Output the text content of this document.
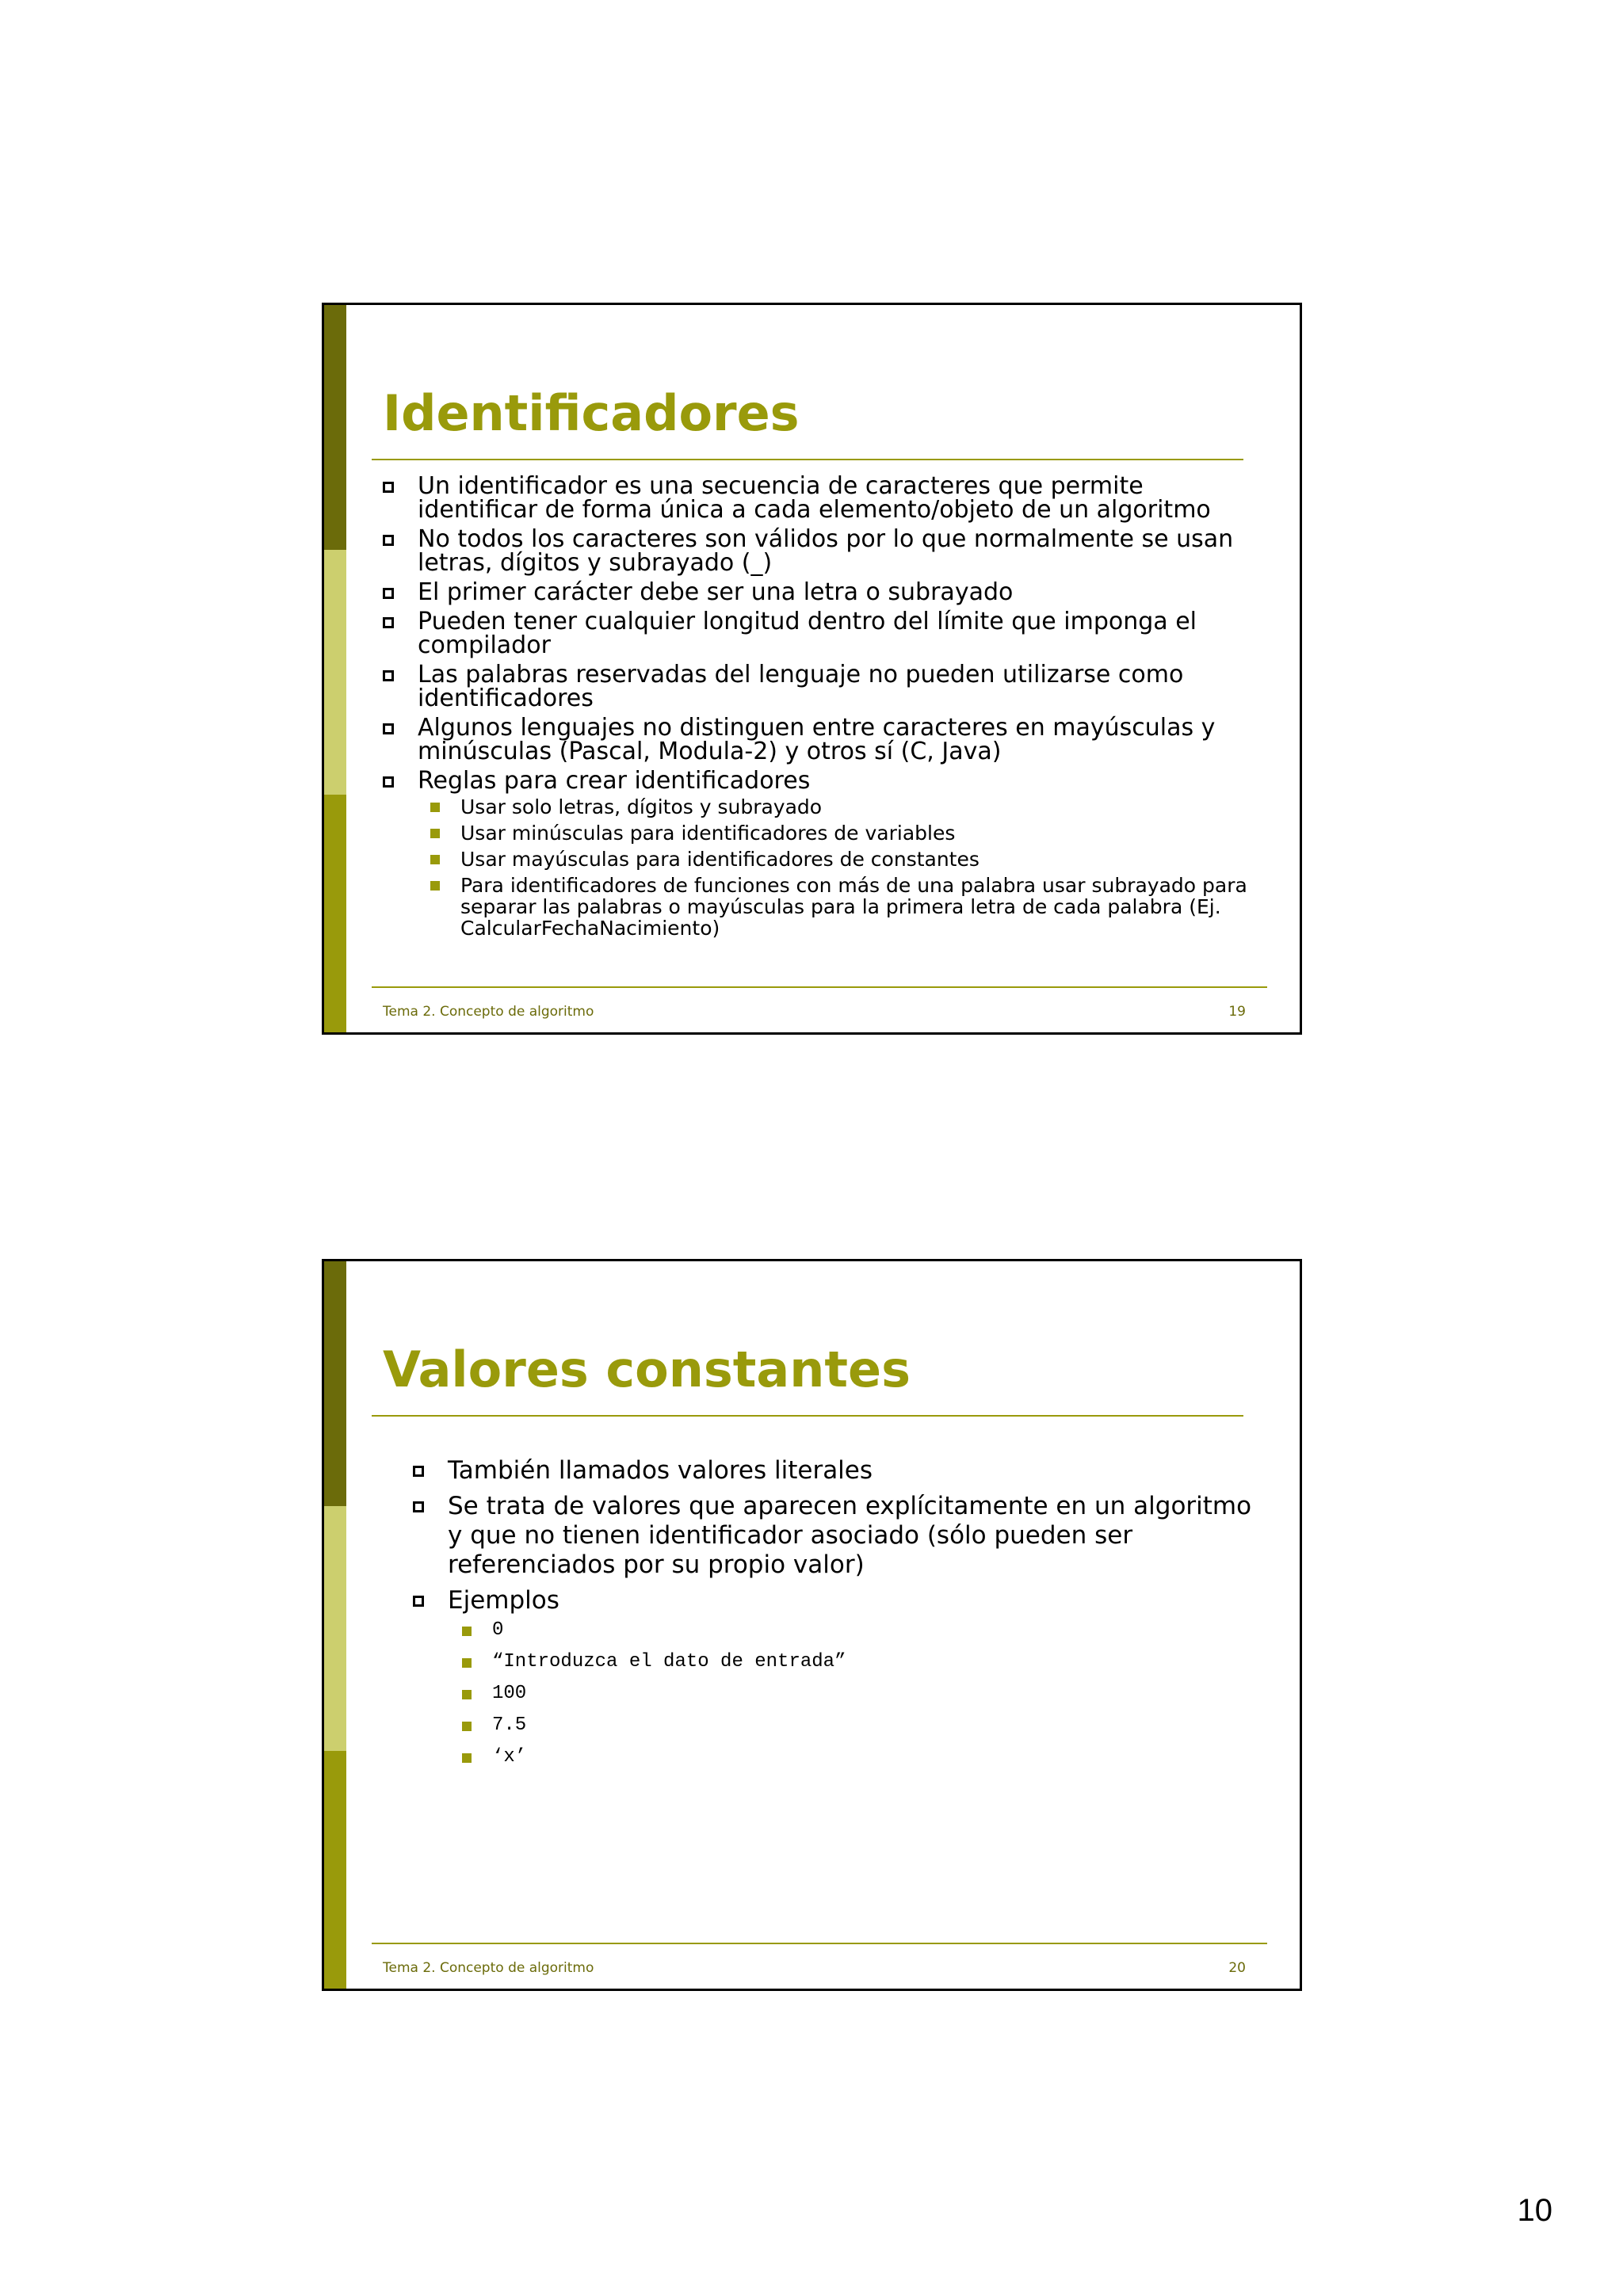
Identificadores
Un identificador es una secuencia de caracteres que permite identificar de forma única a cada elemento/objeto de un algoritmo
No todos los caracteres son válidos por lo que normalmente se usan letras, dígitos y subrayado (_)
El primer carácter debe ser una letra o subrayado
Pueden tener cualquier longitud dentro del límite que imponga el compilador
Las palabras reservadas del lenguaje no pueden utilizarse como identificadores
Algunos lenguajes no distinguen entre caracteres en mayúsculas y minúsculas (Pascal, Modula-2) y otros sí (C, Java)
Reglas para crear identificadores
Usar solo letras, dígitos y subrayado
Usar minúsculas para identificadores de variables
Usar mayúsculas para identificadores de constantes
Para identificadores de funciones con más de una palabra usar subrayado para separar las palabras o mayúsculas para la primera letra de cada palabra (Ej. CalcularFechaNacimiento)
Tema 2. Concepto de algoritmo	19
Valores constantes
También llamados valores literales
Se trata de valores que aparecen explícitamente en un algoritmo y que no tienen identificador asociado (sólo pueden ser referenciados por su propio valor)
Ejemplos
0
“Introduzca el dato de entrada”
100
7.5
‘x’
Tema 2. Concepto de algoritmo	20
10
